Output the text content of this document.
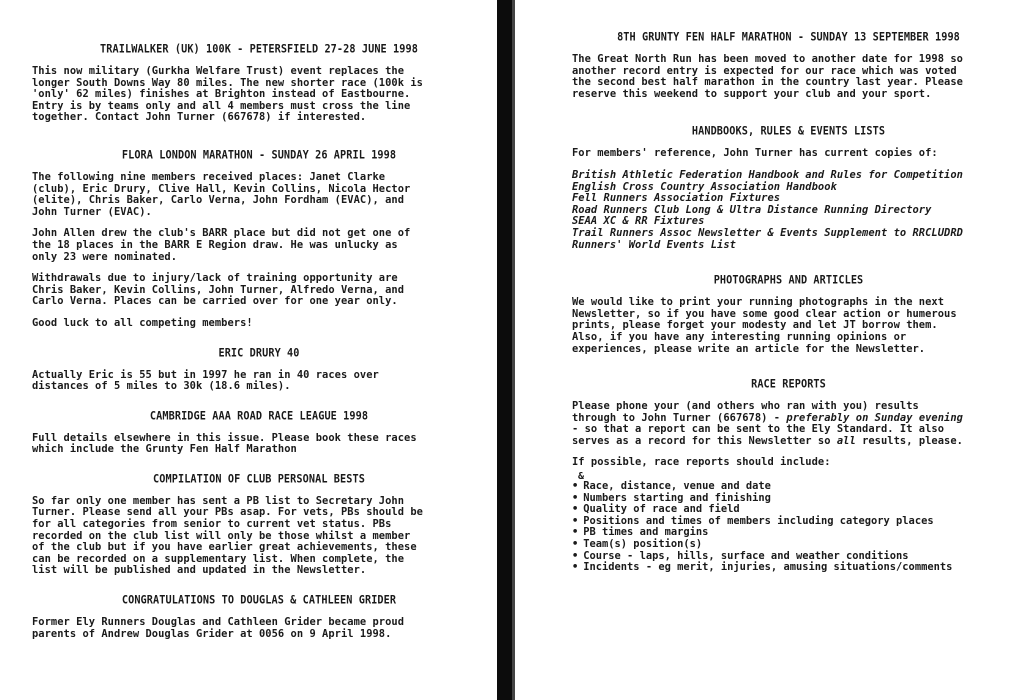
TRAILWALKER (UK) 100K - PETERSFIELD 27-28 JUNE 1998

This now military (Gurkha Welfare Trust) event replaces the
longer South Downs Way 80 miles. The new shorter race (100k is
'only' 62 miles) finishes at Brighton instead of Eastbourne.
Entry is by teams only and all 4 members must cross the line
together. Contact John Turner (667678) if interested.

FLORA LONDON MARATHON - SUNDAY 26 APRIL 1998

The following nine members received places: Janet Clarke
(club), Eric Drury, Clive Hall, Kevin Collins, Nicola Hector
(elite), Chris Baker, Carlo Verna, John Fordham (EVAC), and
John Turner (EVAC).

John Allen drew the club's BARR place but did not get one of
the 18 places in the BARR E Region draw. He was unlucky as
only 23 were nominated.

Withdrawals due to injury/lack of training opportunity are
Chris Baker, Kevin Collins, John Turner, Alfredo Verna, and
Carlo Verna. Places can be carried over for one year only.

Good luck to all competing members!

ERIC DRURY 40

Actually Eric is 55 but in 1997 he ran in 40 races over
distances of 5 miles to 30k (18.6 miles).

CAMBRIDGE AAA ROAD RACE LEAGUE 1998

Full details elsewhere in this issue. Please book these races
which include the Grunty Fen Half Marathon

COMPILATION OF CLUB PERSONAL BESTS

So far only one member has sent a PB list to Secretary John
Turner. Please send all your PBs asap. For vets, PBs should be
for all categories from senior to current vet status. PBs
recorded on the club list will only be those whilst a member
of the club but if you have earlier great achievements, these
can be recorded on a supplementary list. When complete, the
list will be published and updated in the Newsletter.

CONGRATULATIONS TO DOUGLAS & CATHLEEN GRIDER

Former Ely Runners Douglas and Cathleen Grider became proud
parents of Andrew Douglas Grider at 0056 on 9 April 1998.

8TH GRUNTY FEN HALF MARATHON - SUNDAY 13 SEPTEMBER 1998

The Great North Run has been moved to another date for 1998 so
another record entry is expected for our race which was voted
the second best half marathon in the country last year. Please
reserve this weekend to support your club and your sport.

HANDBOOKS, RULES & EVENTS LISTS

For members' reference, John Turner has current copies of:

British Athletic Federation Handbook and Rules for Competition

English Cross Country Association Handbook

Fell Runners Association Fixtures

Road Runners Club Long & Ultra Distance Running Directory

SEAA XC & RR Fixtures

Trail Runners Assoc Newsletter & Events Supplement to RRCLUDRD

Runners' World Events List

PHOTOGRAPHS AND ARTICLES

We would like to print your running photographs in the next
Newsletter, so if you have some good clear action or humerous
prints, please forget your modesty and let JT borrow them.
Also, if you have any interesting running opinions or
experiences, please write an article for the Newsletter.

RACE REPORTS

Please phone your (and others who ran with you) results
through to John Turner (667678) - preferably on Sunday evening
- so that a report can be sent to the Ely Standard. It also
serves as a record for this Newsletter so all results, please.

If possible, race reports should include:

&
• Race, distance, venue and date
• Numbers starting and finishing
• Quality of race and field
• Positions and times of members including category places
• PB times and margins
• Team(s) position(s)
• Course - laps, hills, surface and weather conditions
• Incidents - eg merit, injuries, amusing situations/comments
